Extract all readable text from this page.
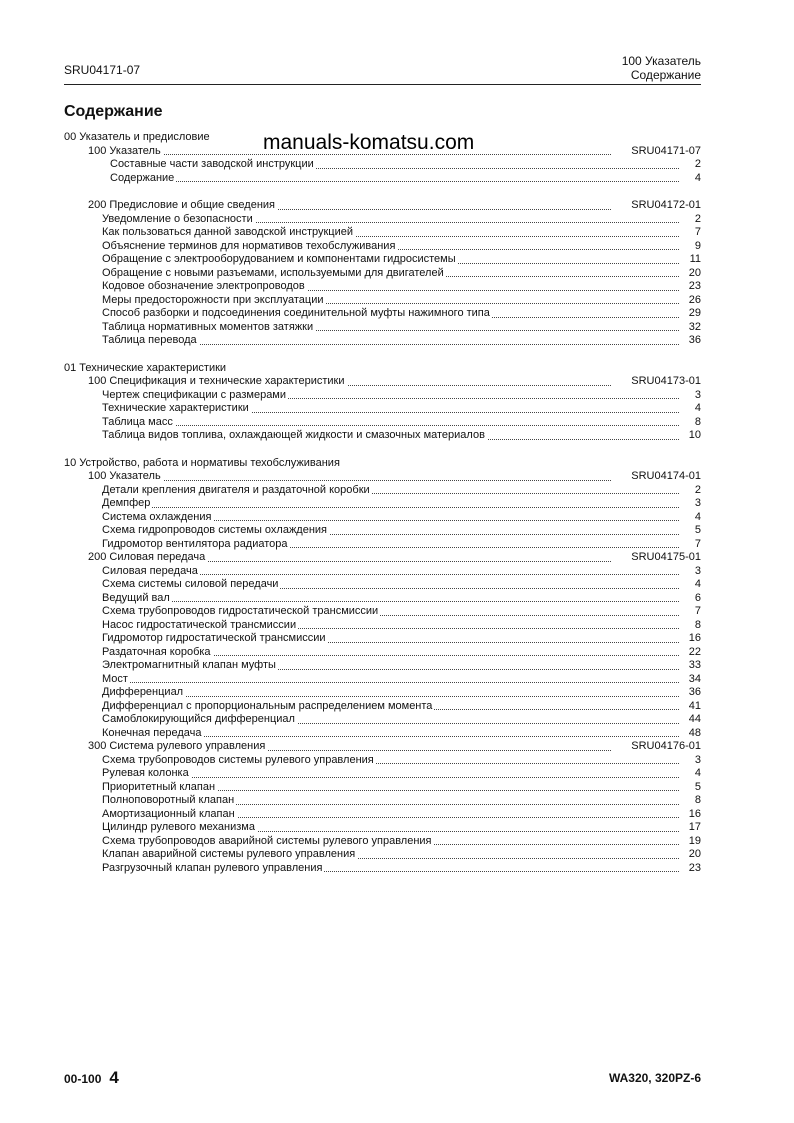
SRU04171-07
100 Указатель
Содержание
Содержание
00 Указатель и предисловие
100 Указатель	SRU04171-07
Составные части заводской инструкции	2
Содержание	4
200 Предисловие и общие сведения	SRU04172-01
Уведомление о безопасности	2
Как пользоваться данной заводской инструкцией	7
Объяснение терминов для нормативов техобслуживания	9
Обращение с электрооборудованием и компонентами гидросистемы	11
Обращение с новыми разъемами, используемыми для двигателей	20
Кодовое обозначение электропроводов	23
Меры предосторожности при эксплуатации	26
Способ разборки и подсоединения соединительной муфты нажимного типа	29
Таблица нормативных моментов затяжки	32
Таблица перевода	36
01 Технические характеристики
100 Спецификация и технические характеристики	SRU04173-01
Чертеж спецификации с размерами	3
Технические характеристики	4
Таблица масс	8
Таблица видов топлива, охлаждающей жидкости и смазочных материалов	10
10 Устройство, работа и нормативы техобслуживания
100 Указатель	SRU04174-01
Детали крепления двигателя и раздаточной коробки	2
Демпфер	3
Система охлаждения	4
Схема гидропроводов системы охлаждения	5
Гидромотор вентилятора радиатора	7
200 Силовая передача	SRU04175-01
Силовая передача	3
Схема системы силовой передачи	4
Ведущий вал	6
Схема трубопроводов гидростатической трансмиссии	7
Насос гидростатической трансмиссии	8
Гидромотор гидростатической трансмиссии	16
Раздаточная коробка	22
Электромагнитный клапан муфты	33
Мост	34
Дифференциал	36
Дифференциал с пропорциональным распределением момента	41
Самоблокирующийся дифференциал	44
Конечная передача	48
300 Система рулевого управления	SRU04176-01
Схема трубопроводов системы рулевого управления	3
Рулевая колонка	4
Приоритетный клапан	5
Полноповоротный клапан	8
Амортизационный клапан	16
Цилиндр рулевого механизма	17
Схема трубопроводов аварийной системы рулевого управления	19
Клапан аварийной системы рулевого управления	20
Разгрузочный клапан рулевого управления	23
manuals-komatsu.com
00-100 4	WA320, 320PZ-6
